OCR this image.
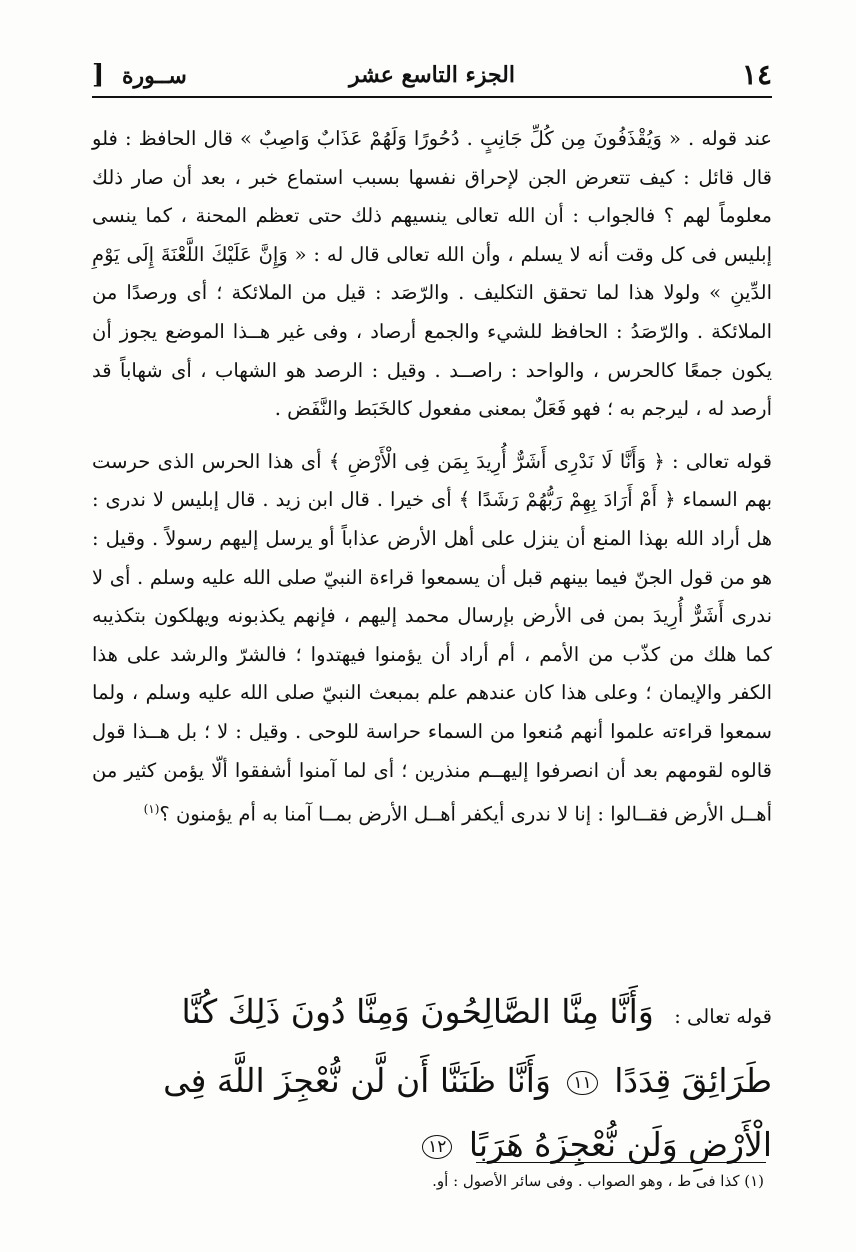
١٤
الجزء التاسع عشر
ســورة [

عند قوله . « وَيُقْذَفُونَ مِن كُلِّ جَانِبٍ . دُحُورًا وَلَهُمْ عَذَابٌ وَاصِبٌ » قال الحافظ : فلو قال قائل : كيف تتعرض الجن لإحراق نفسها بسبب استماع خبر ، بعد أن صار ذلك معلوماً لهم ؟ فالجواب : أن الله تعالى ينسيهم ذلك حتى تعظم المحنة ، كما ينسى إبليس فى كل وقت أنه لا يسلم ، وأن الله تعالى قال له : « وَإِنَّ عَلَيْكَ اللَّعْنَةَ إِلَى يَوْمِ الدِّينِ » ولولا هذا لما تحقق التكليف . والرّصَد : قيل من الملائكة ؛ أى ورصدًا من الملائكة . والرّصَدُ : الحافظ للشيء والجمع أرصاد ، وفى غير هــذا الموضع يجوز أن يكون جمعًا كالحرس ، والواحد : راصــد . وقيل : الرصد هو الشهاب ، أى شهاباً قد أرصد له ، ليرجم به ؛ فهو فَعَلٌ بمعنى مفعول كالخَبَط والنَّفَض .

قوله تعالى : ﴿ وَأَنَّا لَا نَدْرِى أَشَرٌّ أُرِيدَ بِمَن فِى الْأَرْضِ ﴾ أى هذا الحرس الذى حرست بهم السماء ﴿ أَمْ أَرَادَ بِهِمْ رَبُّهُمْ رَشَدًا ﴾ أى خيرا . قال ابن زيد . قال إبليس لا ندرى : هل أراد الله بهذا المنع أن ينزل على أهل الأرض عذاباً أو يرسل إليهم رسولاً . وقيل : هو من قول الجنّ فيما بينهم قبل أن يسمعوا قراءة النبيّ صلى الله عليه وسلم . أى لا ندرى أَشَرٌّ أُرِيدَ بمن فى الأرض بإرسال محمد إليهم ، فإنهم يكذبونه ويهلكون بتكذيبه كما هلك من كذّب من الأمم ، أم أراد أن يؤمنوا فيهتدوا ؛ فالشرّ والرشد على هذا الكفر والإيمان ؛ وعلى هذا كان عندهم علم بمبعث النبيّ صلى الله عليه وسلم ، ولما سمعوا قراءته علموا أنهم مُنعوا من السماء حراسة للوحى . وقيل : لا ؛ بل هــذا قول قالوه لقومهم بعد أن انصرفوا إليهــم منذرين ؛ أى لما آمنوا أشفقوا ألّا يؤمن كثير من أهــل الأرض فقــالوا : إنا لا ندرى أيكفر أهــل الأرض بمــا آمنا به أم يؤمنون ؟$^{(١)}$

قوله تعالى : وَأَنَّا مِنَّا الصَّالِحُونَ وَمِنَّا دُونَ ذَلِكَ كُنَّا طَرَائِقَ قِدَدًا ١١ وَأَنَّا ظَنَنَّا أَن لَّن نُّعْجِزَ اللَّهَ فِى الْأَرْضِ وَلَن نُّعْجِزَهُ هَرَبًا ١٢
(١) كذا فى ط ، وهو الصواب . وفى سائر الأصول : أو.
